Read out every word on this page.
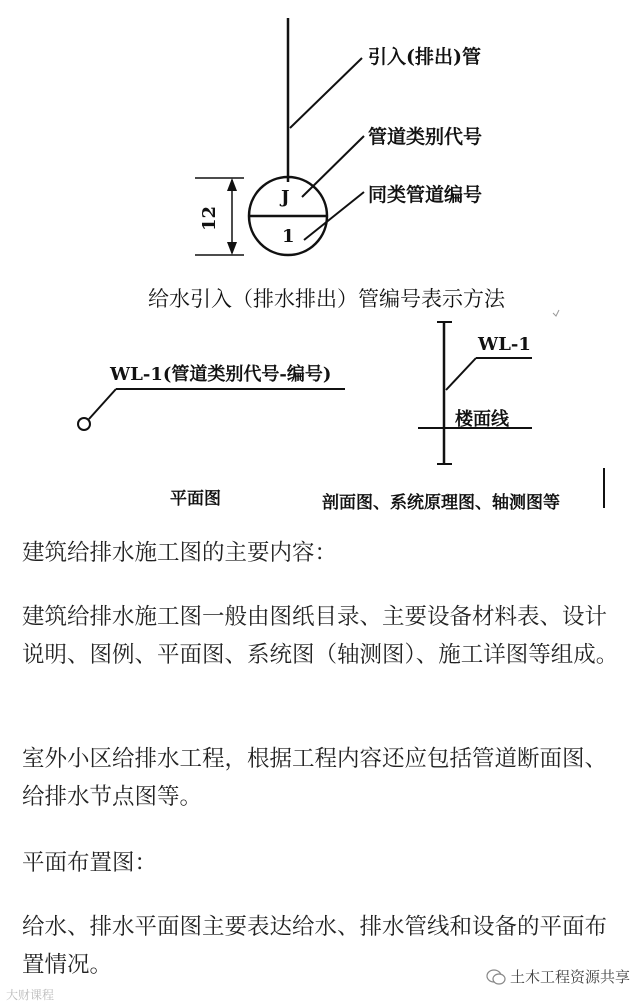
引入(排出)管
管道类别代号
同类管道编号
J
1
12
给水引入（排水排出）管编号表示方法
WL-1(管道类别代号-编号)
平面图
WL-1
楼面线
剖面图、系统原理图、轴测图等

建筑给排水施工图的主要内容：

建筑给排水施工图一般由图纸目录、主要设备材料表、设计说明、图例、平面图、系统图（轴测图）、施工详图等组成。

室外小区给排水工程，根据工程内容还应包括管道断面图、给排水节点图等。

平面布置图：

给水、排水平面图主要表达给水、排水管线和设备的平面布置情况。

大财课程
土木工程资源共享
